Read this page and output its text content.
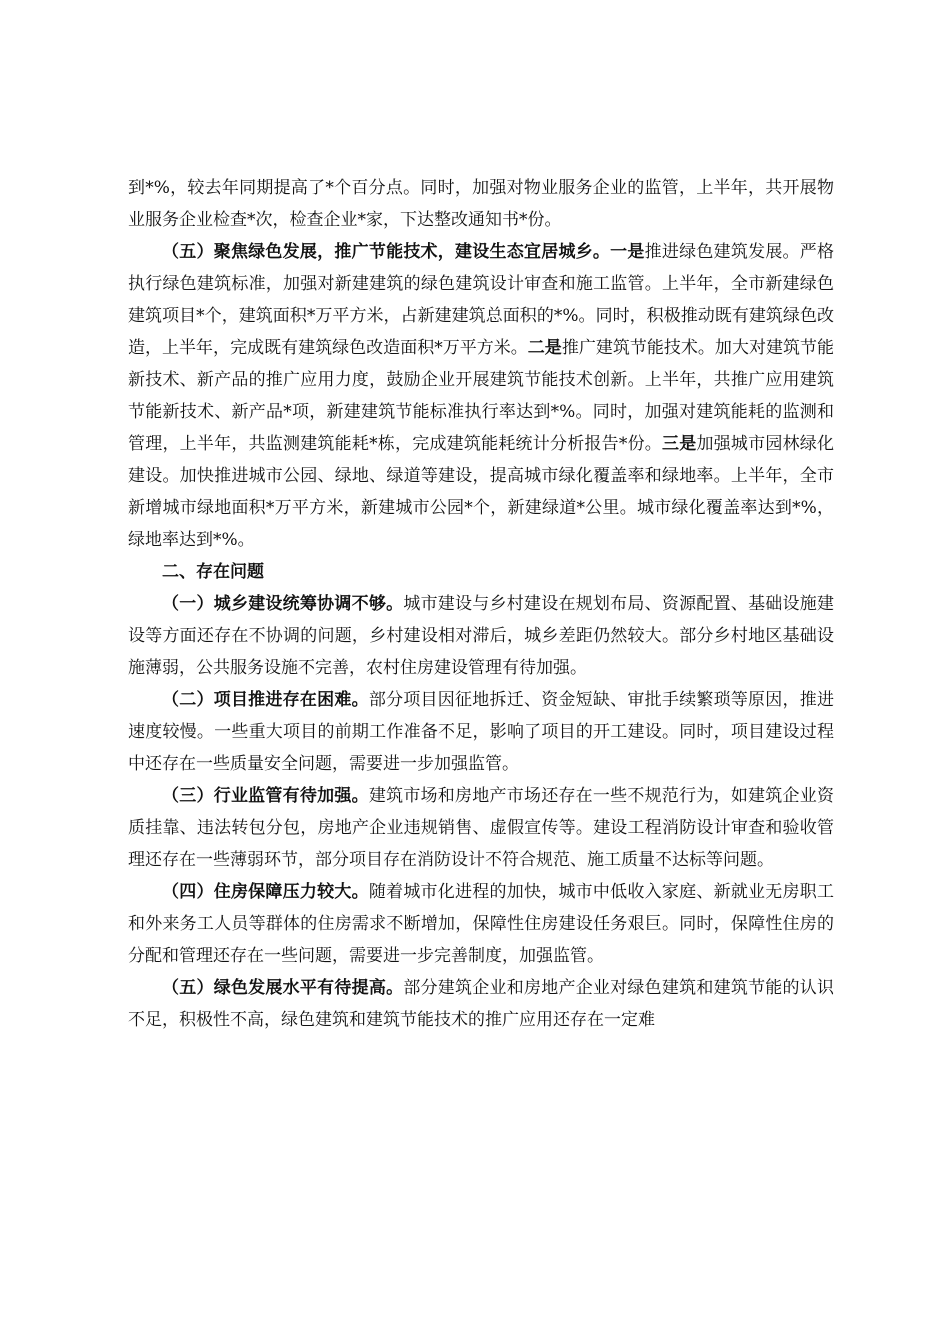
到*%，较去年同期提高了*个百分点。同时，加强对物业服务企业的监管，上半年，共开展物业服务企业检查*次，检查企业*家，下达整改通知书*份。

（五）聚焦绿色发展，推广节能技术，建设生态宜居城乡。一是推进绿色建筑发展。严格执行绿色建筑标准，加强对新建建筑的绿色建筑设计审查和施工监管。上半年，全市新建绿色建筑项目*个，建筑面积*万平方米，占新建建筑总面积的*%。同时，积极推动既有建筑绿色改造，上半年，完成既有建筑绿色改造面积*万平方米。二是推广建筑节能技术。加大对建筑节能新技术、新产品的推广应用力度，鼓励企业开展建筑节能技术创新。上半年，共推广应用建筑节能新技术、新产品*项，新建建筑节能标准执行率达到*%。同时，加强对建筑能耗的监测和管理，上半年，共监测建筑能耗*栋，完成建筑能耗统计分析报告*份。三是加强城市园林绿化建设。加快推进城市公园、绿地、绿道等建设，提高城市绿化覆盖率和绿地率。上半年，全市新增城市绿地面积*万平方米，新建城市公园*个，新建绿道*公里。城市绿化覆盖率达到*%，绿地率达到*%。

二、存在问题

（一）城乡建设统筹协调不够。城市建设与乡村建设在规划布局、资源配置、基础设施建设等方面还存在不协调的问题，乡村建设相对滞后，城乡差距仍然较大。部分乡村地区基础设施薄弱，公共服务设施不完善，农村住房建设管理有待加强。

（二）项目推进存在困难。部分项目因征地拆迁、资金短缺、审批手续繁琐等原因，推进速度较慢。一些重大项目的前期工作准备不足，影响了项目的开工建设。同时，项目建设过程中还存在一些质量安全问题，需要进一步加强监管。

（三）行业监管有待加强。建筑市场和房地产市场还存在一些不规范行为，如建筑企业资质挂靠、违法转包分包，房地产企业违规销售、虚假宣传等。建设工程消防设计审查和验收管理还存在一些薄弱环节，部分项目存在消防设计不符合规范、施工质量不达标等问题。

（四）住房保障压力较大。随着城市化进程的加快，城市中低收入家庭、新就业无房职工和外来务工人员等群体的住房需求不断增加，保障性住房建设任务艰巨。同时，保障性住房的分配和管理还存在一些问题，需要进一步完善制度，加强监管。

（五）绿色发展水平有待提高。部分建筑企业和房地产企业对绿色建筑和建筑节能的认识不足，积极性不高，绿色建筑和建筑节能技术的推广应用还存在一定难
